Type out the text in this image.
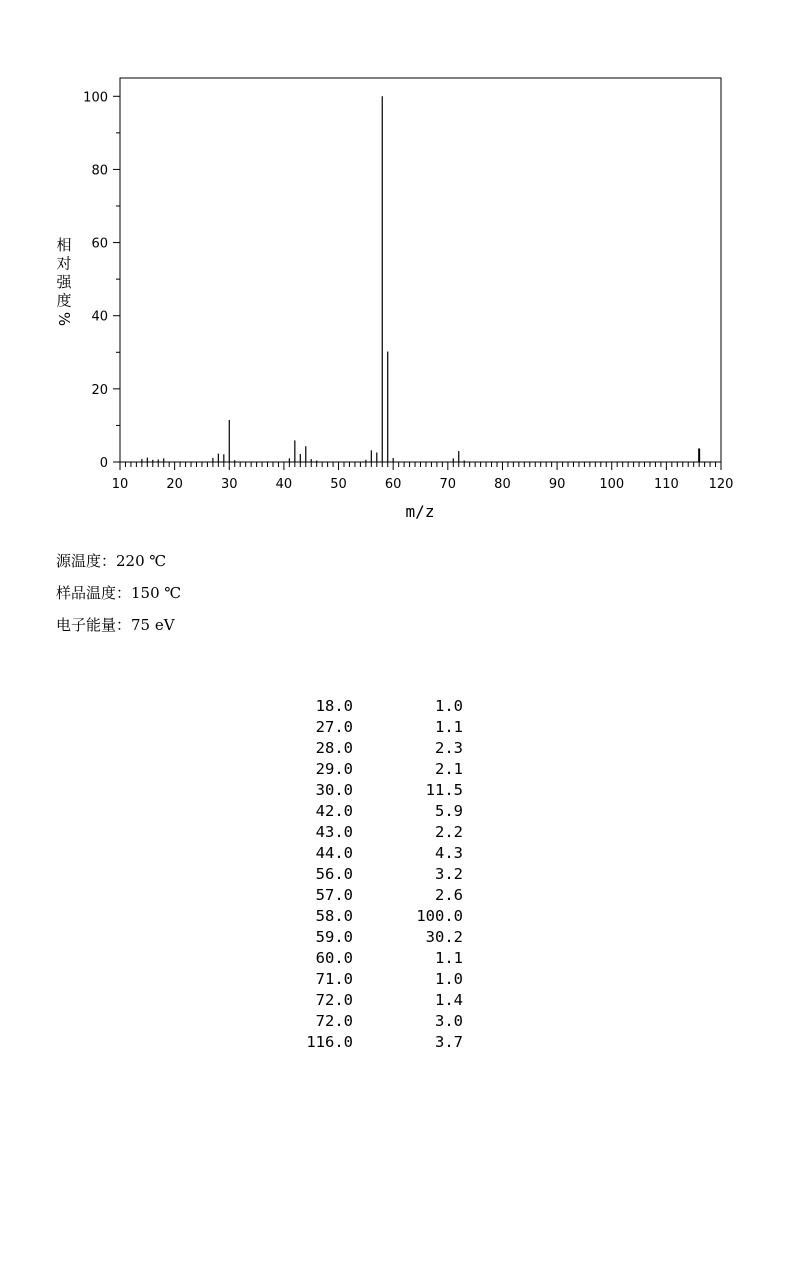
10	20	30	40	50	60	70	80	90	100 110 120
0
20
40
60
80
100
相
对
强
度
%
m/z
源温度：220 ℃
样品温度：150 ℃
电子能量：75 eV
18.0	1.0
27.0	1.1
28.0	2.3
29.0	2.1
30.0	11.5
42.0	5.9
43.0	2.2
44.0	4.3
56.0	3.2
57.0	2.6
58.0	100.0
59.0	30.2
60.0	1.1
71.0	1.0
72.0	1.4
72.0	3.0
116.0	3.7
